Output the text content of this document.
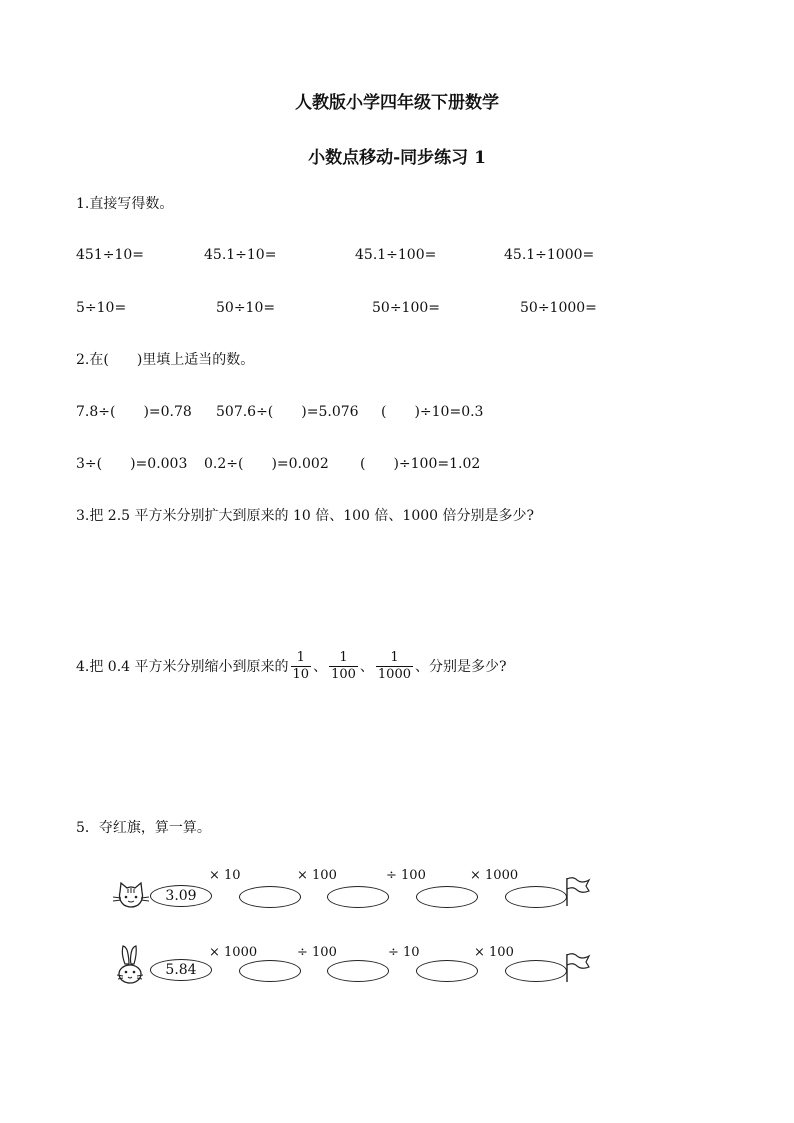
人教版小学四年级下册数学
小数点移动-同步练习 1
1.直接写得数。
451÷10=	45.1÷10=	45.1÷100=	45.1÷1000=
5÷10=	50÷10=	50÷100=	50÷1000=
2.在(　　)里填上适当的数。
7.8÷(　　)=0.78 507.6÷(　　)=5.076 (　　)÷10=0.3
3÷(　　)=0.003 0.2÷(　　)=0.002 (　　)÷100=1.02
3.把 2.5 平方米分别扩大到原来的 10 倍、100 倍、1000 倍分别是多少?
4.把 0.4 平方米分别缩小到原来的 $\frac{1}{10}$ 、 $\frac{1}{100}$ 、 $\frac{1}{1000}$ 、分别是多少?
5．夺红旗，算一算。
3.09
× 10	× 100	÷ 100	× 1000
5.84
× 1000	÷ 100	÷ 10	× 100
